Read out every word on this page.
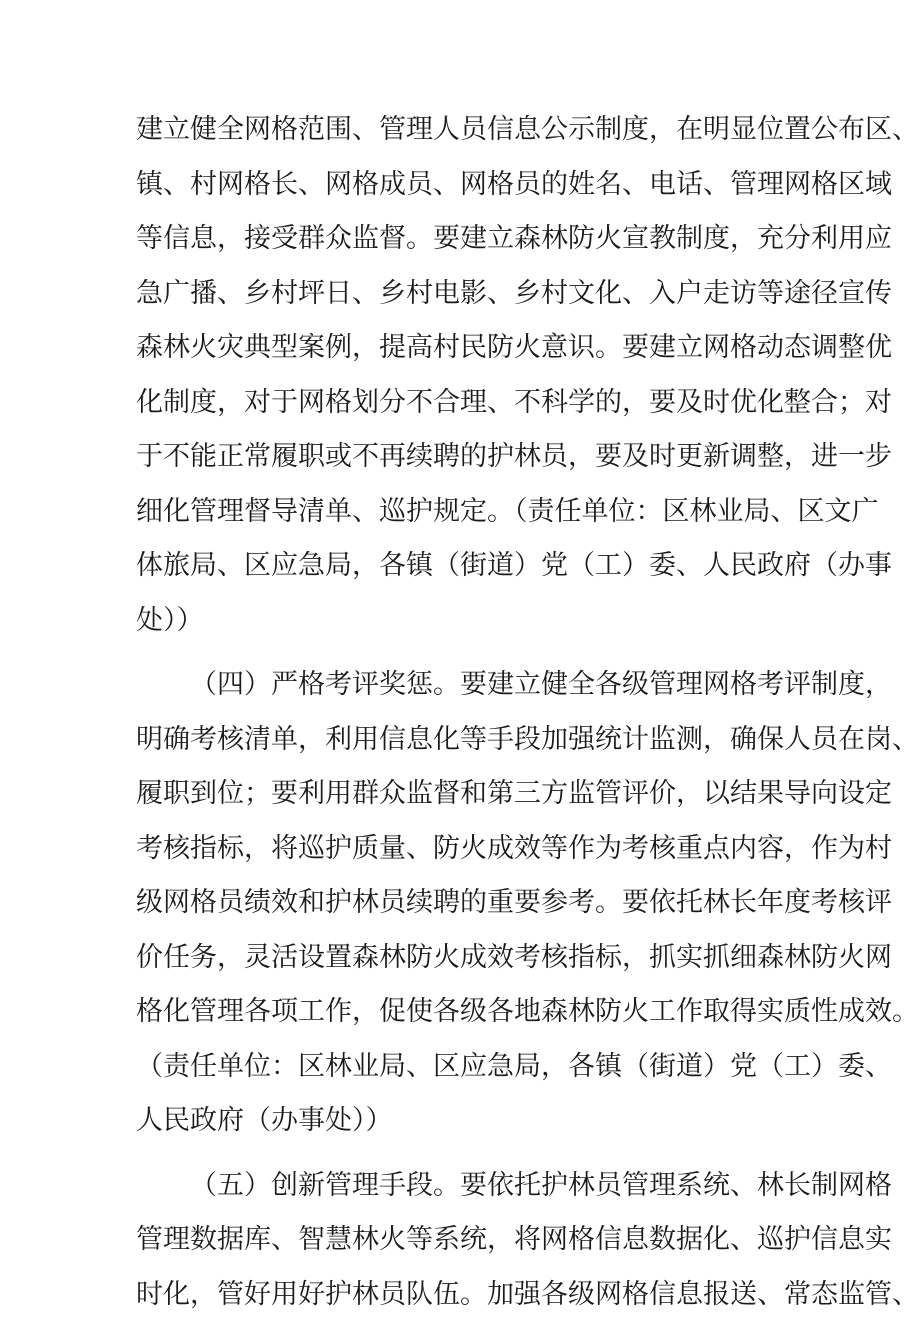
建立健全网格范围、管理人员信息公示制度，在明显位置公布区、
镇、村网格长、网格成员、网格员的姓名、电话、管理网格区域
等信息，接受群众监督。要建立森林防火宣教制度，充分利用应
急广播、乡村坪日、乡村电影、乡村文化、入户走访等途径宣传
森林火灾典型案例，提高村民防火意识。要建立网格动态调整优
化制度，对于网格划分不合理、不科学的，要及时优化整合；对
于不能正常履职或不再续聘的护林员，要及时更新调整，进一步
细化管理督导清单、巡护规定。（责任单位：区林业局、区文广
体旅局、区应急局，各镇（街道）党（工）委、人民政府（办事
处））
（四）严格考评奖惩。要建立健全各级管理网格考评制度，
明确考核清单，利用信息化等手段加强统计监测，确保人员在岗、
履职到位；要利用群众监督和第三方监管评价，以结果导向设定
考核指标，将巡护质量、防火成效等作为考核重点内容，作为村
级网格员绩效和护林员续聘的重要参考。要依托林长年度考核评
价任务，灵活设置森林防火成效考核指标，抓实抓细森林防火网
格化管理各项工作，促使各级各地森林防火工作取得实质性成效。
（责任单位：区林业局、区应急局，各镇（街道）党（工）委、
人民政府（办事处））
（五）创新管理手段。要依托护林员管理系统、林长制网格
管理数据库、智慧林火等系统，将网格信息数据化、巡护信息实
时化，管好用好护林员队伍。加强各级网格信息报送、常态监管、
